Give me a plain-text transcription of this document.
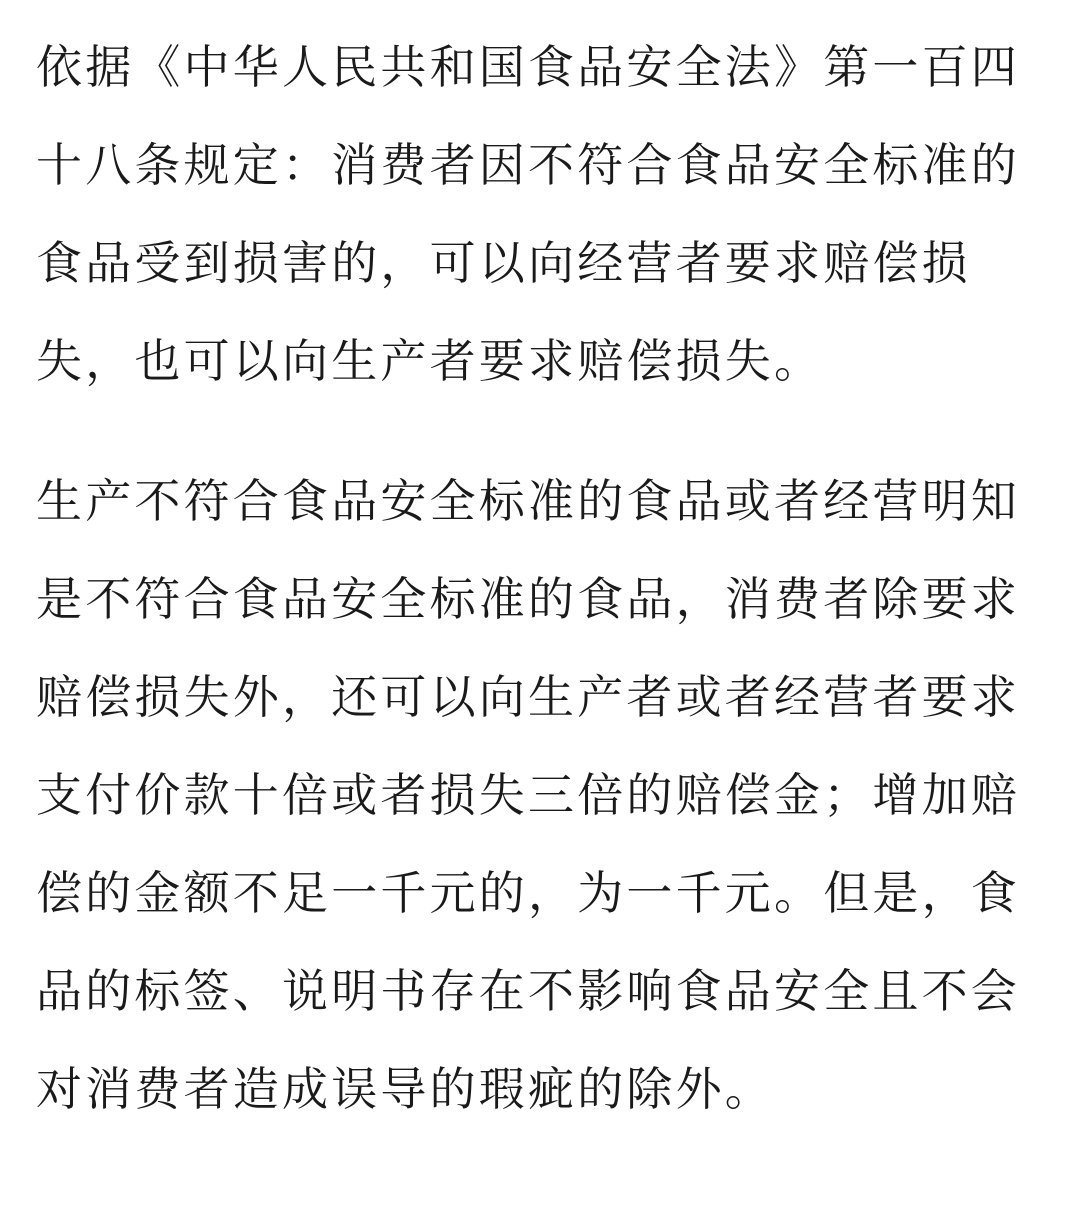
依据《中华人民共和国食品安全法》第一百四十八条规定：消费者因不符合食品安全标准的食品受到损害的，可以向经营者要求赔偿损失，也可以向生产者要求赔偿损失。

生产不符合食品安全标准的食品或者经营明知是不符合食品安全标准的食品，消费者除要求赔偿损失外，还可以向生产者或者经营者要求支付价款十倍或者损失三倍的赔偿金；增加赔偿的金额不足一千元的，为一千元。但是，食品的标签、说明书存在不影响食品安全且不会对消费者造成误导的瑕疵的除外。
